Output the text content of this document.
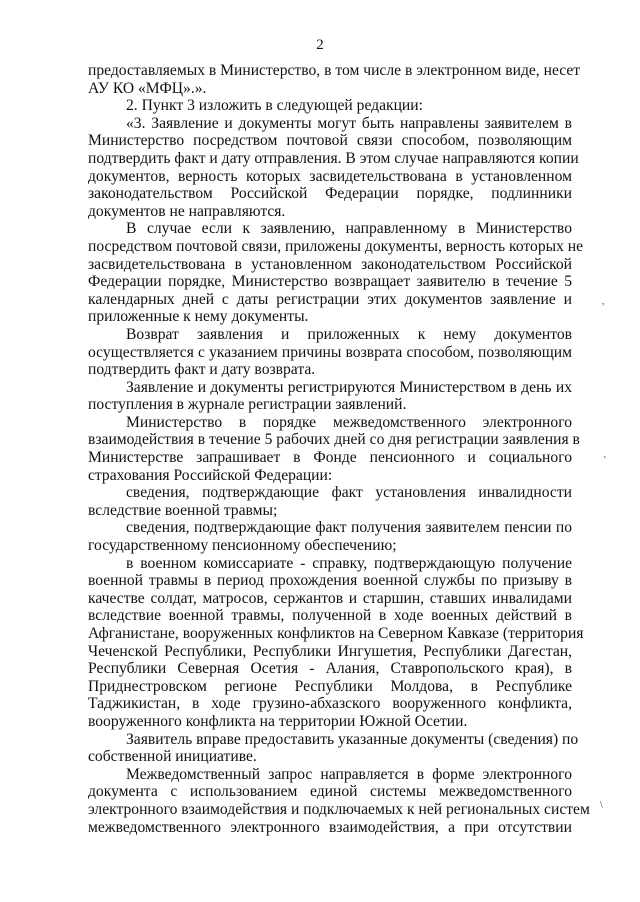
2
предоставляемых в Министерство, в том числе в электронном виде, несет
АУ КО «МФЦ».».
2. Пункт 3 изложить в следующей редакции:
«3. Заявление и документы могут быть направлены заявителем в
Министерство посредством почтовой связи способом, позволяющим
подтвердить факт и дату отправления. В этом случае направляются копии
документов, верность которых засвидетельствована в установленном
законодательством Российской Федерации порядке, подлинники
документов не направляются.
В случае если к заявлению, направленному в Министерство
посредством почтовой связи, приложены документы, верность которых не
засвидетельствована в установленном законодательством Российской
Федерации порядке, Министерство возвращает заявителю в течение 5
календарных дней с даты регистрации этих документов заявление и
приложенные к нему документы.
Возврат заявления и приложенных к нему документов
осуществляется с указанием причины возврата способом, позволяющим
подтвердить факт и дату возврата.
Заявление и документы регистрируются Министерством в день их
поступления в журнале регистрации заявлений.
Министерство в порядке межведомственного электронного
взаимодействия в течение 5 рабочих дней со дня регистрации заявления в
Министерстве запрашивает в Фонде пенсионного и социального
страхования Российской Федерации:
сведения, подтверждающие факт установления инвалидности
вследствие военной травмы;
сведения, подтверждающие факт получения заявителем пенсии по
государственному пенсионному обеспечению;
в военном комиссариате - справку, подтверждающую получение
военной травмы в период прохождения военной службы по призыву в
качестве солдат, матросов, сержантов и старшин, ставших инвалидами
вследствие военной травмы, полученной в ходе военных действий в
Афганистане, вооруженных конфликтов на Северном Кавказе (территория
Чеченской Республики, Республики Ингушетия, Республики Дагестан,
Республики Северная Осетия - Алания, Ставропольского края), в
Приднестровском регионе Республики Молдова, в Республике
Таджикистан, в ходе грузино-абхазского вооруженного конфликта,
вооруженного конфликта на территории Южной Осетии.
Заявитель вправе предоставить указанные документы (сведения) по
собственной инициативе.
Межведомственный запрос направляется в форме электронного
документа с использованием единой системы межведомственного
электронного взаимодействия и подключаемых к ней региональных систем
межведомственного электронного взаимодействия, а при отсутствии
,
'
\
